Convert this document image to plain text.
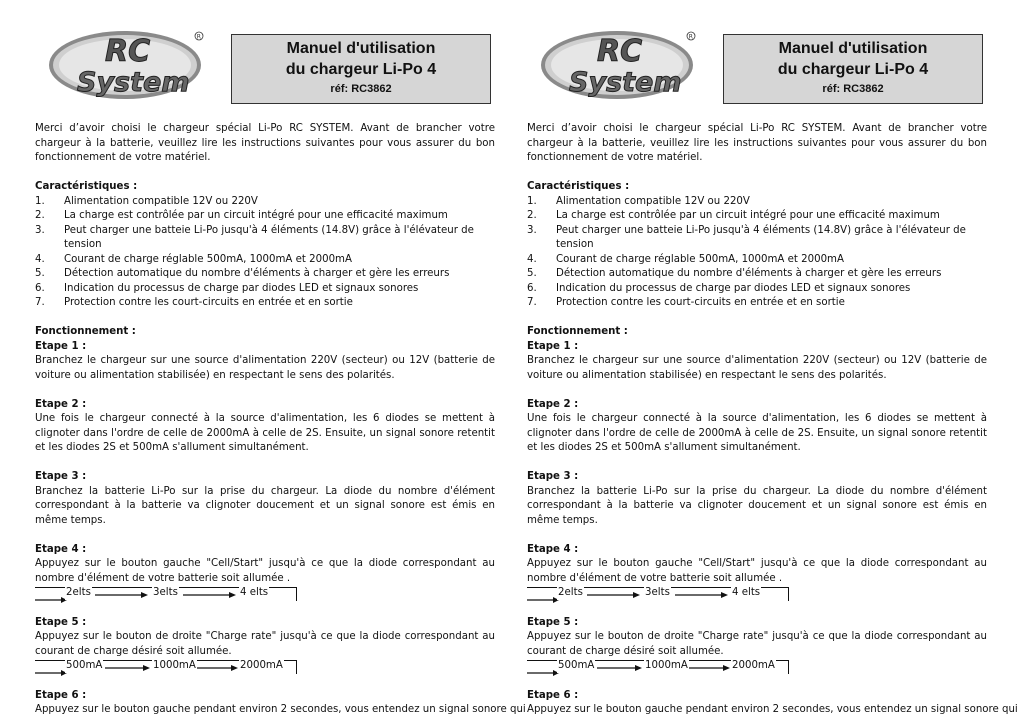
RC
System
R
Manuel d'utilisation
du chargeur Li-Po 4
réf: RC3862
Merci d’avoir choisi le chargeur spécial Li-Po RC SYSTEM. Avant de brancher votre chargeur à la batterie, veuillez lire les instructions suivantes pour vous assurer du bon fonctionnement de votre matériel.
Caractéristiques :
1.	Alimentation compatible 12V ou 220V
2.	La charge est contrôlée par un circuit intégré pour une efficacité maximum
3.	Peut charger une batteie Li-Po jusqu'à 4 éléments (14.8V) grâce à l'élévateur de tension
4.	Courant de charge réglable 500mA, 1000mA et 2000mA
5.	Détection automatique du nombre d'éléments à charger et gère les erreurs
6.	Indication du processus de charge par diodes LED et signaux sonores
7.	Protection contre les court-circuits en entrée et en sortie
Fonctionnement :
Etape 1 :
Branchez le chargeur sur une source d'alimentation 220V (secteur) ou 12V (batterie de voiture ou alimentation stabilisée) en respectant le sens des polarités.
Etape 2 :
Une fois le chargeur connecté à la source d'alimentation, les 6 diodes se mettent à clignoter dans l'ordre de celle de 2000mA à celle de 2S. Ensuite, un signal sonore retentit et les diodes 2S et 500mA s'allument simultanément.
Etape 3 :
Branchez la batterie Li-Po sur la prise du chargeur. La diode du nombre d'élément correspondant à la batterie va clignoter doucement et un signal sonore est émis en même temps.
Etape 4 :
Appuyez sur le bouton gauche "Cell/Start" jusqu'à ce que la diode correspondant au nombre d'élément de votre batterie soit allumée .
2elts	3elts	4 elts
Etape 5 :
Appuyez sur le bouton de droite "Charge rate" jusqu'à ce que la diode correspondant au courant de charge désiré soit allumée.
500mA	1000mA	2000mA
Etape 6 :
Appuyez sur le bouton gauche pendant environ 2 secondes, vous entendez un signal sonore qui
RC
System
R
Manuel d'utilisation
du chargeur Li-Po 4
réf: RC3862
Merci d’avoir choisi le chargeur spécial Li-Po RC SYSTEM. Avant de brancher votre chargeur à la batterie, veuillez lire les instructions suivantes pour vous assurer du bon fonctionnement de votre matériel.
Caractéristiques :
1.	Alimentation compatible 12V ou 220V
2.	La charge est contrôlée par un circuit intégré pour une efficacité maximum
3.	Peut charger une batteie Li-Po jusqu'à 4 éléments (14.8V) grâce à l'élévateur de tension
4.	Courant de charge réglable 500mA, 1000mA et 2000mA
5.	Détection automatique du nombre d'éléments à charger et gère les erreurs
6.	Indication du processus de charge par diodes LED et signaux sonores
7.	Protection contre les court-circuits en entrée et en sortie
Fonctionnement :
Etape 1 :
Branchez le chargeur sur une source d'alimentation 220V (secteur) ou 12V (batterie de voiture ou alimentation stabilisée) en respectant le sens des polarités.
Etape 2 :
Une fois le chargeur connecté à la source d'alimentation, les 6 diodes se mettent à clignoter dans l'ordre de celle de 2000mA à celle de 2S. Ensuite, un signal sonore retentit et les diodes 2S et 500mA s'allument simultanément.
Etape 3 :
Branchez la batterie Li-Po sur la prise du chargeur. La diode du nombre d'élément correspondant à la batterie va clignoter doucement et un signal sonore est émis en même temps.
Etape 4 :
Appuyez sur le bouton gauche "Cell/Start" jusqu'à ce que la diode correspondant au nombre d'élément de votre batterie soit allumée .
2elts	3elts	4 elts
Etape 5 :
Appuyez sur le bouton de droite "Charge rate" jusqu'à ce que la diode correspondant au courant de charge désiré soit allumée.
500mA	1000mA	2000mA
Etape 6 :
Appuyez sur le bouton gauche pendant environ 2 secondes, vous entendez un signal sonore qui
